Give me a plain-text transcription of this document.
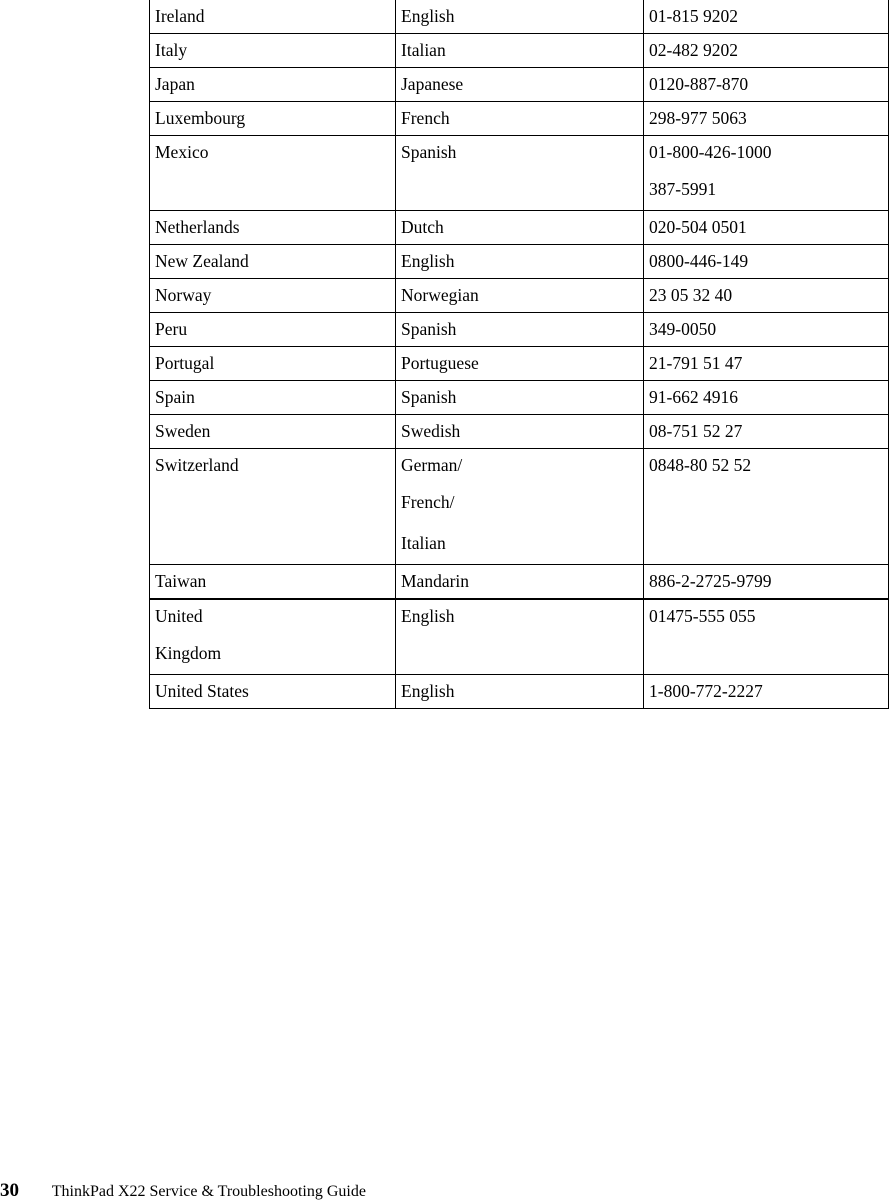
Ireland	English	01-815 9202

Italy	Italian	02-482 9202

Japan	Japanese	0120-887-870

Luxembourg	French	298-977 5063

Mexico	Spanish	01-800-426-1000
387-5991

Netherlands	Dutch	020-504 0501

New Zealand	English	0800-446-149

Norway	Norwegian	23 05 32 40

Peru	Spanish	349-0050

Portugal	Portuguese	21-791 51 47

Spain	Spanish	91-662 4916

Sweden	Swedish	08-751 52 27

Switzerland	German/
French/
Italian	0848-80 52 52

Taiwan	Mandarin	886-2-2725-9799

United
Kingdom	English	01475-555 055

United States	English	1-800-772-2227
30 ThinkPad X22 Service & Troubleshooting Guide
